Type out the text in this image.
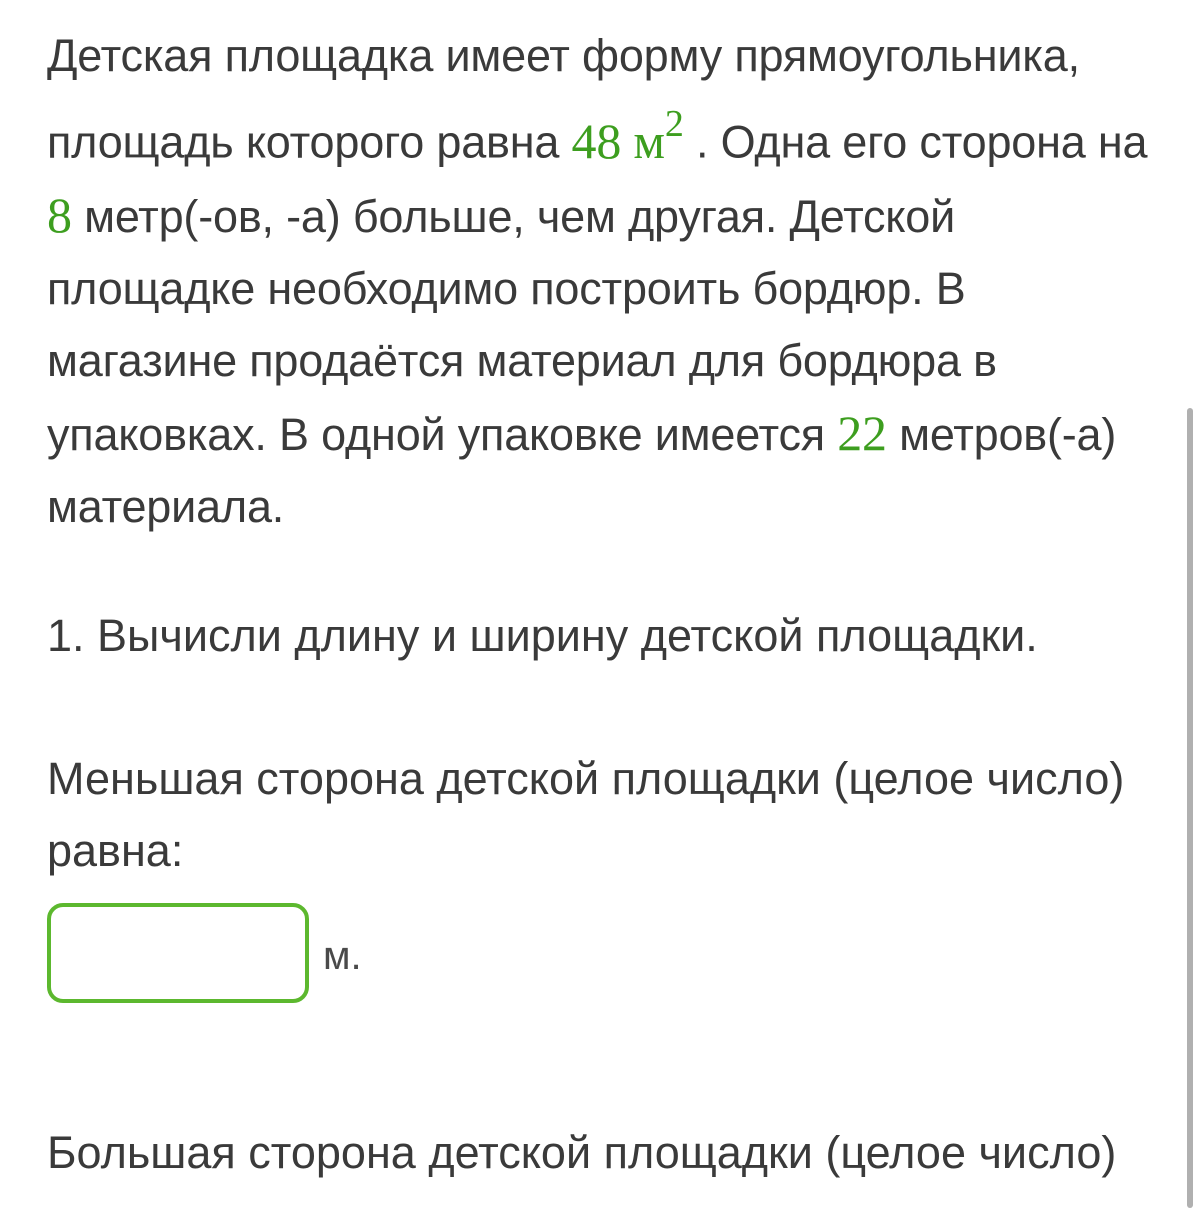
Детская площадка имеет форму прямоугольника, площадь которого равна 48 $м^2$ . Одна его сторона на 8 метр(-ов, -а) больше, чем другая. Детской площадке необходимо построить бордюр. В магазине продаётся материал для бордюра в упаковках. В одной упаковке имеется 22 метров(-а) материала.

1. Вычисли длину и ширину детской площадки.

Меньшая сторона детской площадки (целое число) равна:

м.

Большая сторона детской площадки (целое число)
